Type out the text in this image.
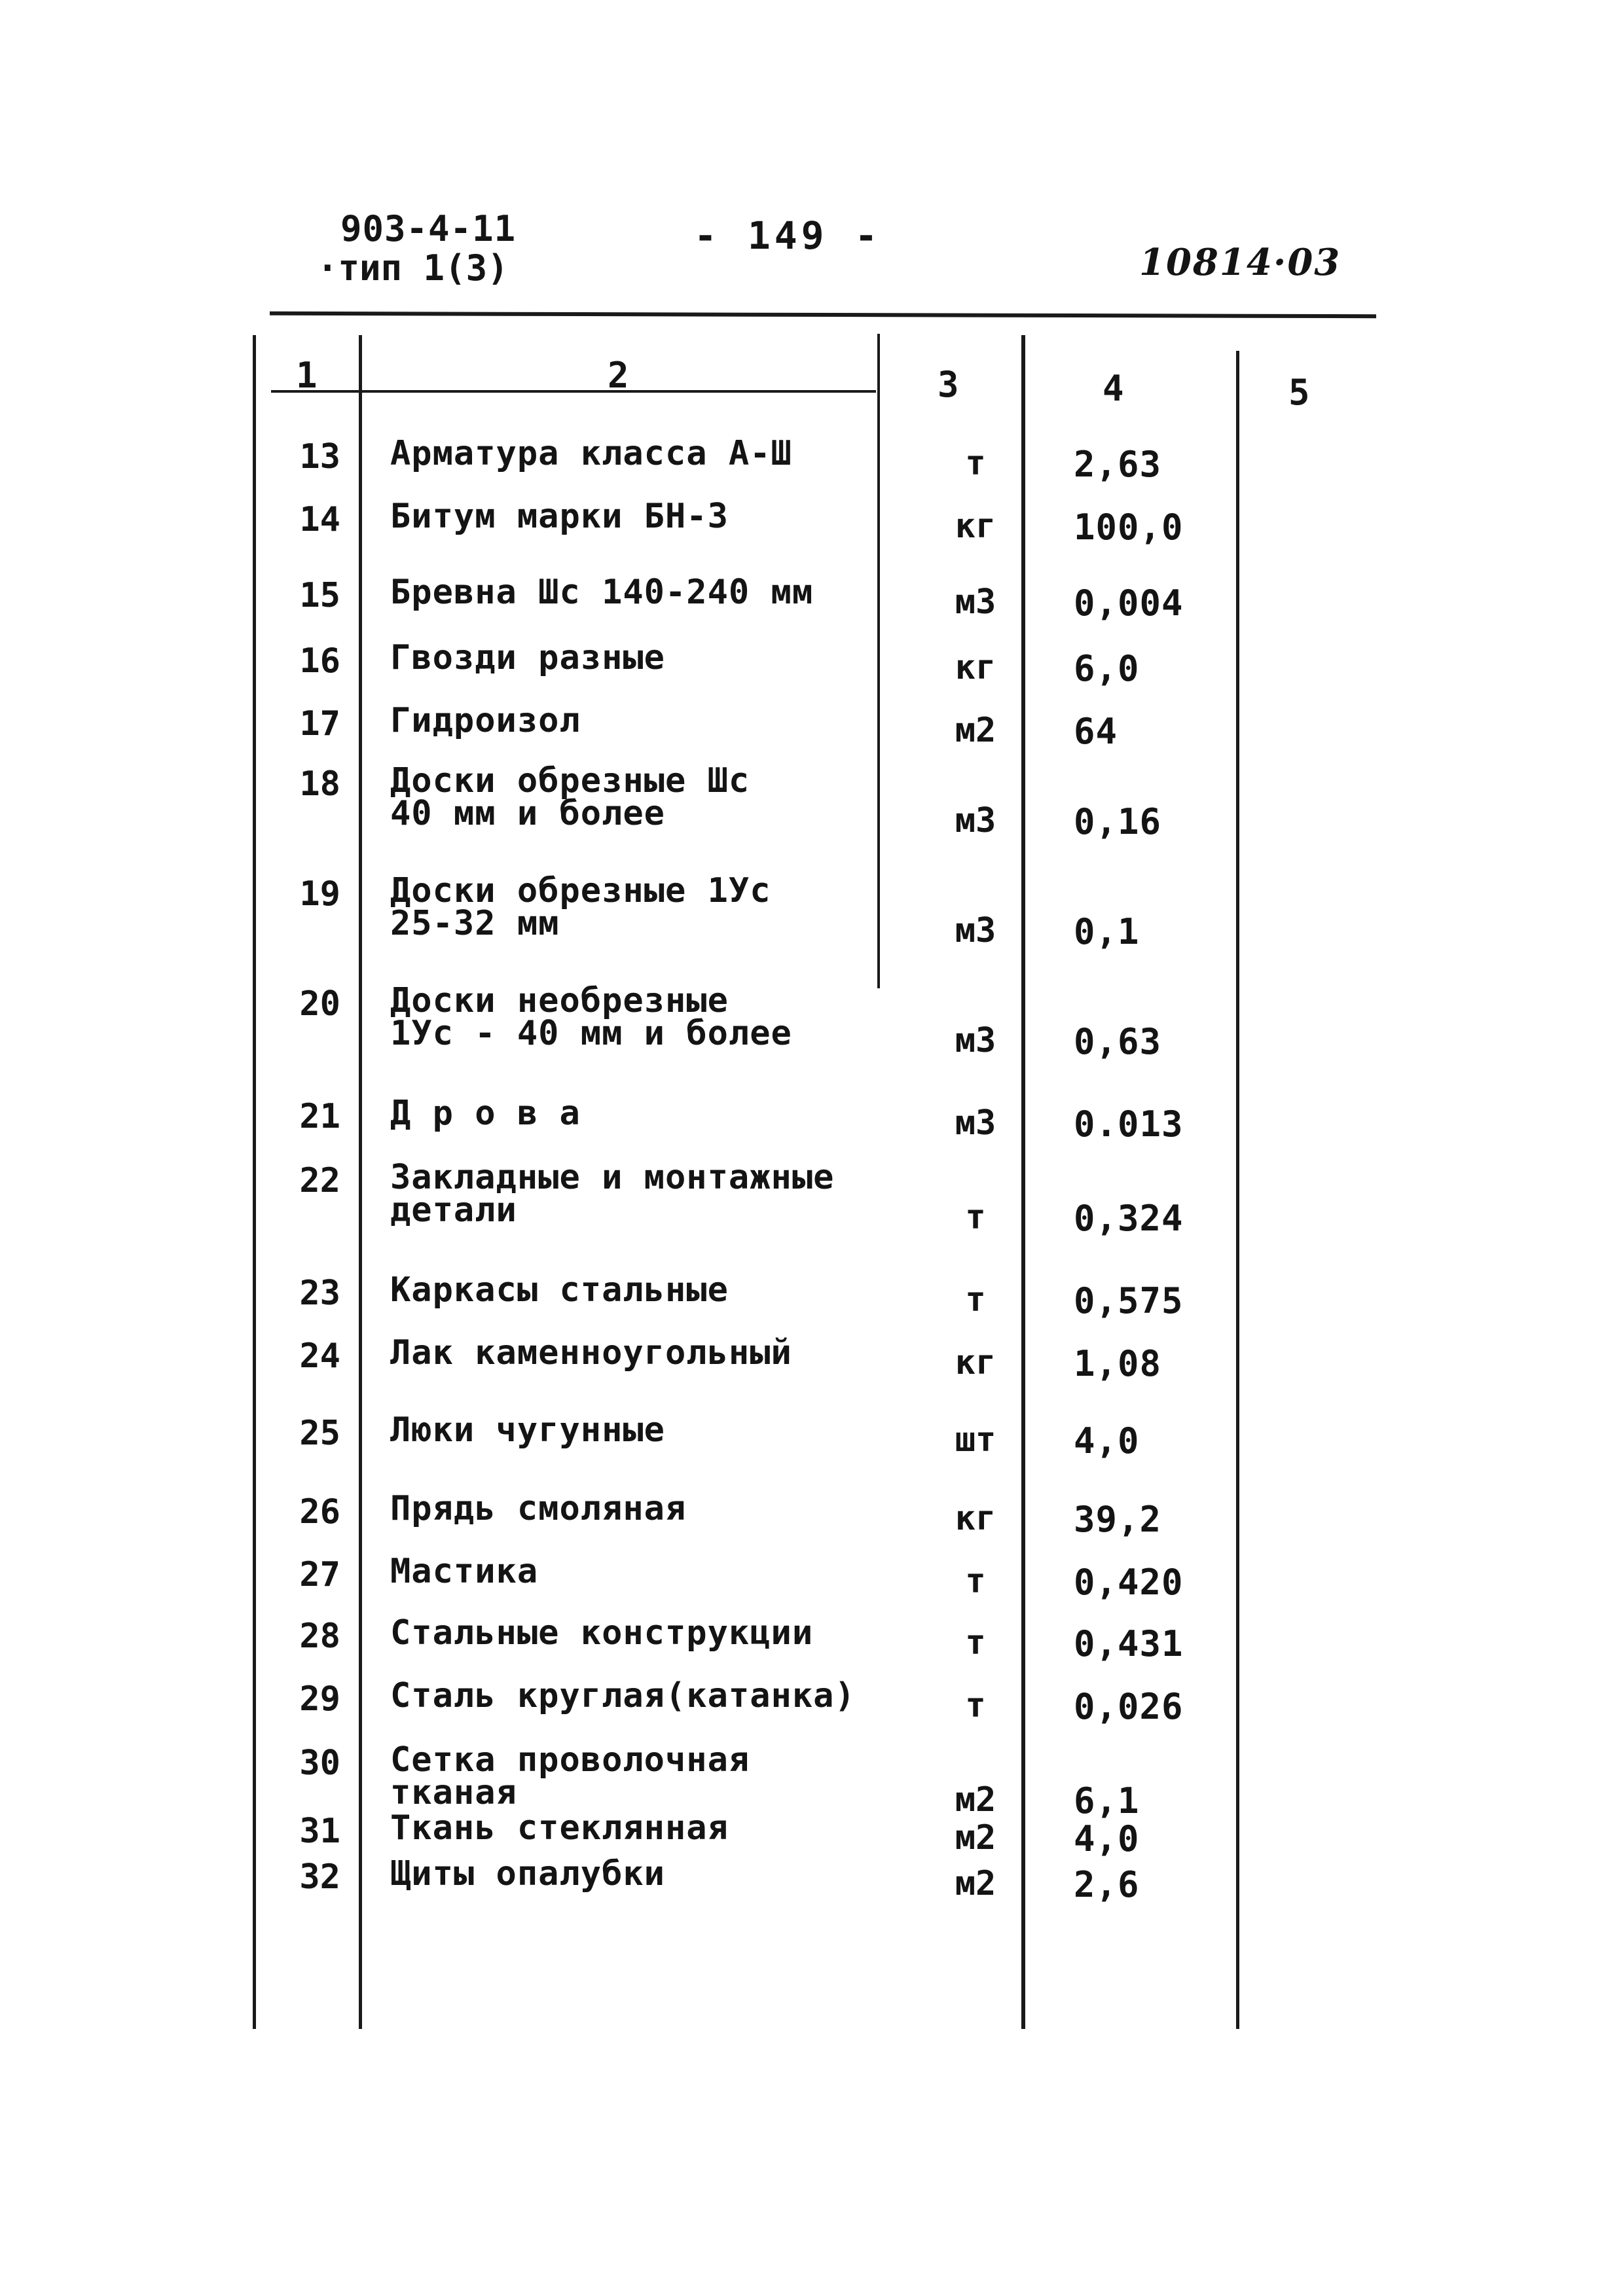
903-4-11
·тип 1(3)
- 149 -
10814·03
1	2	3	4	5
13 Арматура класса А-Ш	т	2,63
14 Битум марки БН-3	кг	100,0
15 Бревна Шс 140-240 мм	м3	0,004
16 Гвозди разные	кг	6,0
17 Гидроизол	м2	64
18 Доски обрезные Шс
40 мм и более	м3	0,16
19 Доски обрезные 1Ус
25-32 мм	м3	0,1
20 Доски необрезные
1Ус - 40 мм и более	м3	0,63
21 Д р о в а	м3	0.013
22 Закладные и монтажные
детали	т	0,324
23 Каркасы стальные	т	0,575
24 Лак каменноугольный	кг	1,08
25 Люки чугунные	шт	4,0
26 Прядь смоляная	кг	39,2
27 Мастика	т	0,420
28 Стальные конструкции	т	0,431
29 Сталь круглая(катанка)	т	0,026
30 Сетка проволочная
тканая	м2	6,1
31 Ткань стеклянная	м2	4,0
32 Щиты опалубки	м2	2,6
